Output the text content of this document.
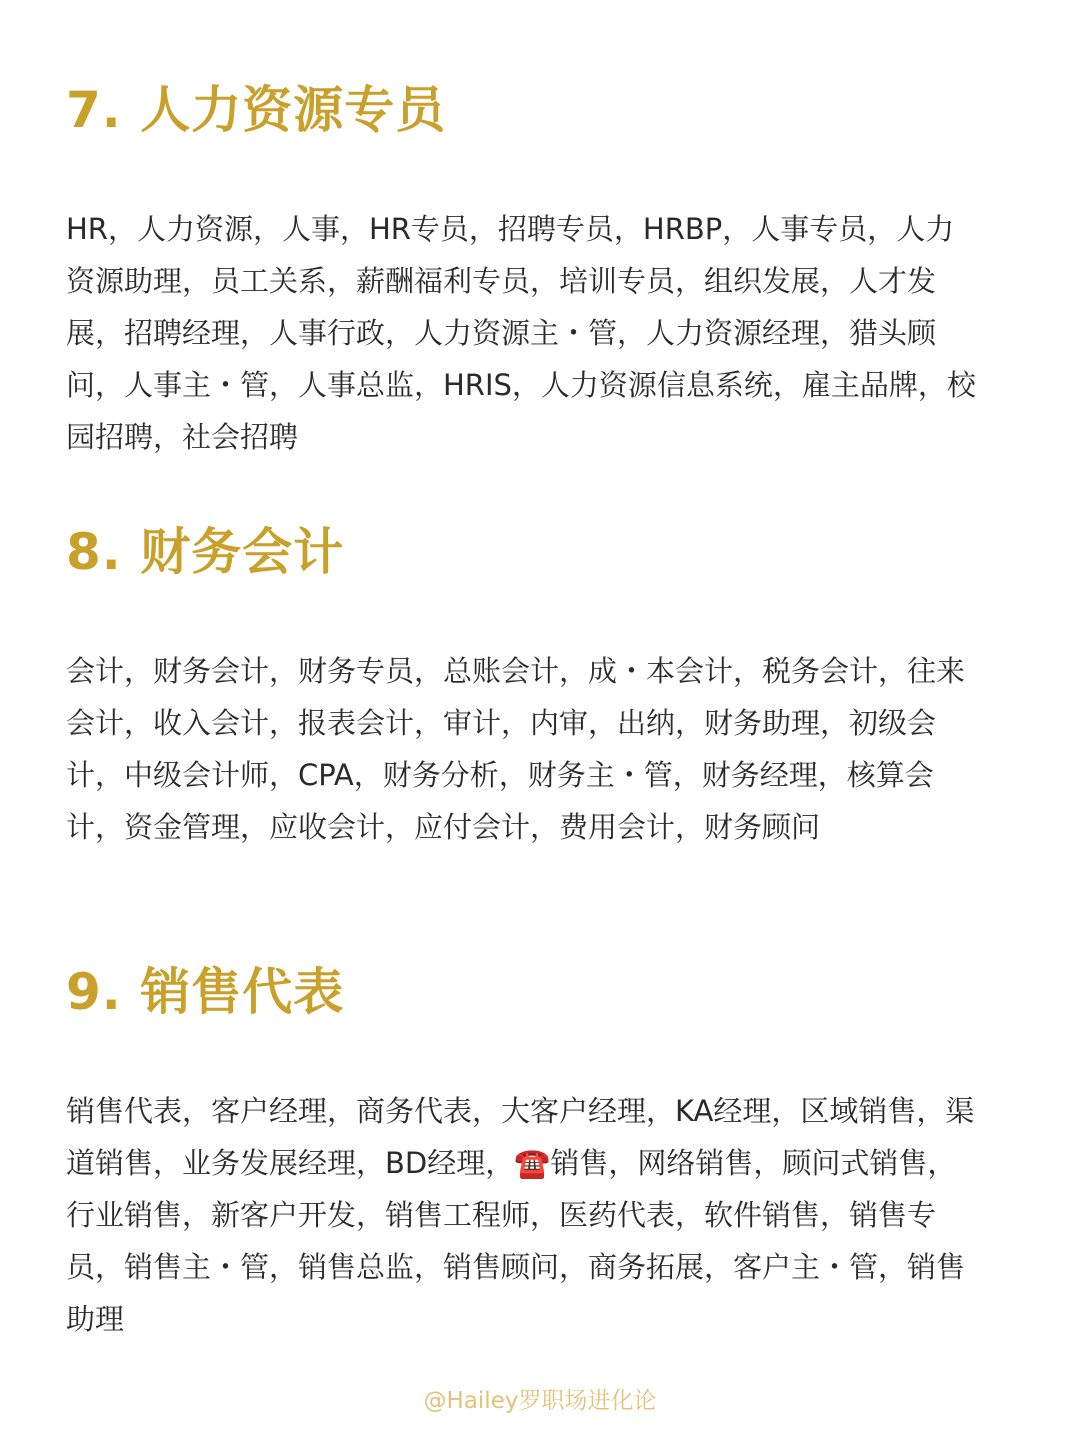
7. 人力资源专员

HR，人力资源，人事，HR专员，招聘专员，HRBP，人事专员，人力资源助理，员工关系，薪酬福利专员，培训专员，组织发展，人才发展，招聘经理，人事行政，人力资源主・管，人力资源经理，猎头顾问，人事主・管，人事总监，HRIS，人力资源信息系统，雇主品牌，校园招聘，社会招聘

8. 财务会计

会计，财务会计，财务专员，总账会计，成・本会计，税务会计，往来会计，收入会计，报表会计，审计，内审，出纳，财务助理，初级会计，中级会计师，CPA，财务分析，财务主・管，财务经理，核算会计，资金管理，应收会计，应付会计，费用会计，财务顾问

9. 销售代表

销售代表，客户经理，商务代表，大客户经理，KA经理，区域销售，渠道销售，业务发展经理，BD经理，☎️销售，网络销售，顾问式销售，行业销售，新客户开发，销售工程师，医药代表，软件销售，销售专员，销售主・管，销售总监，销售顾问，商务拓展，客户主・管，销售助理

@Hailey罗职场进化论
